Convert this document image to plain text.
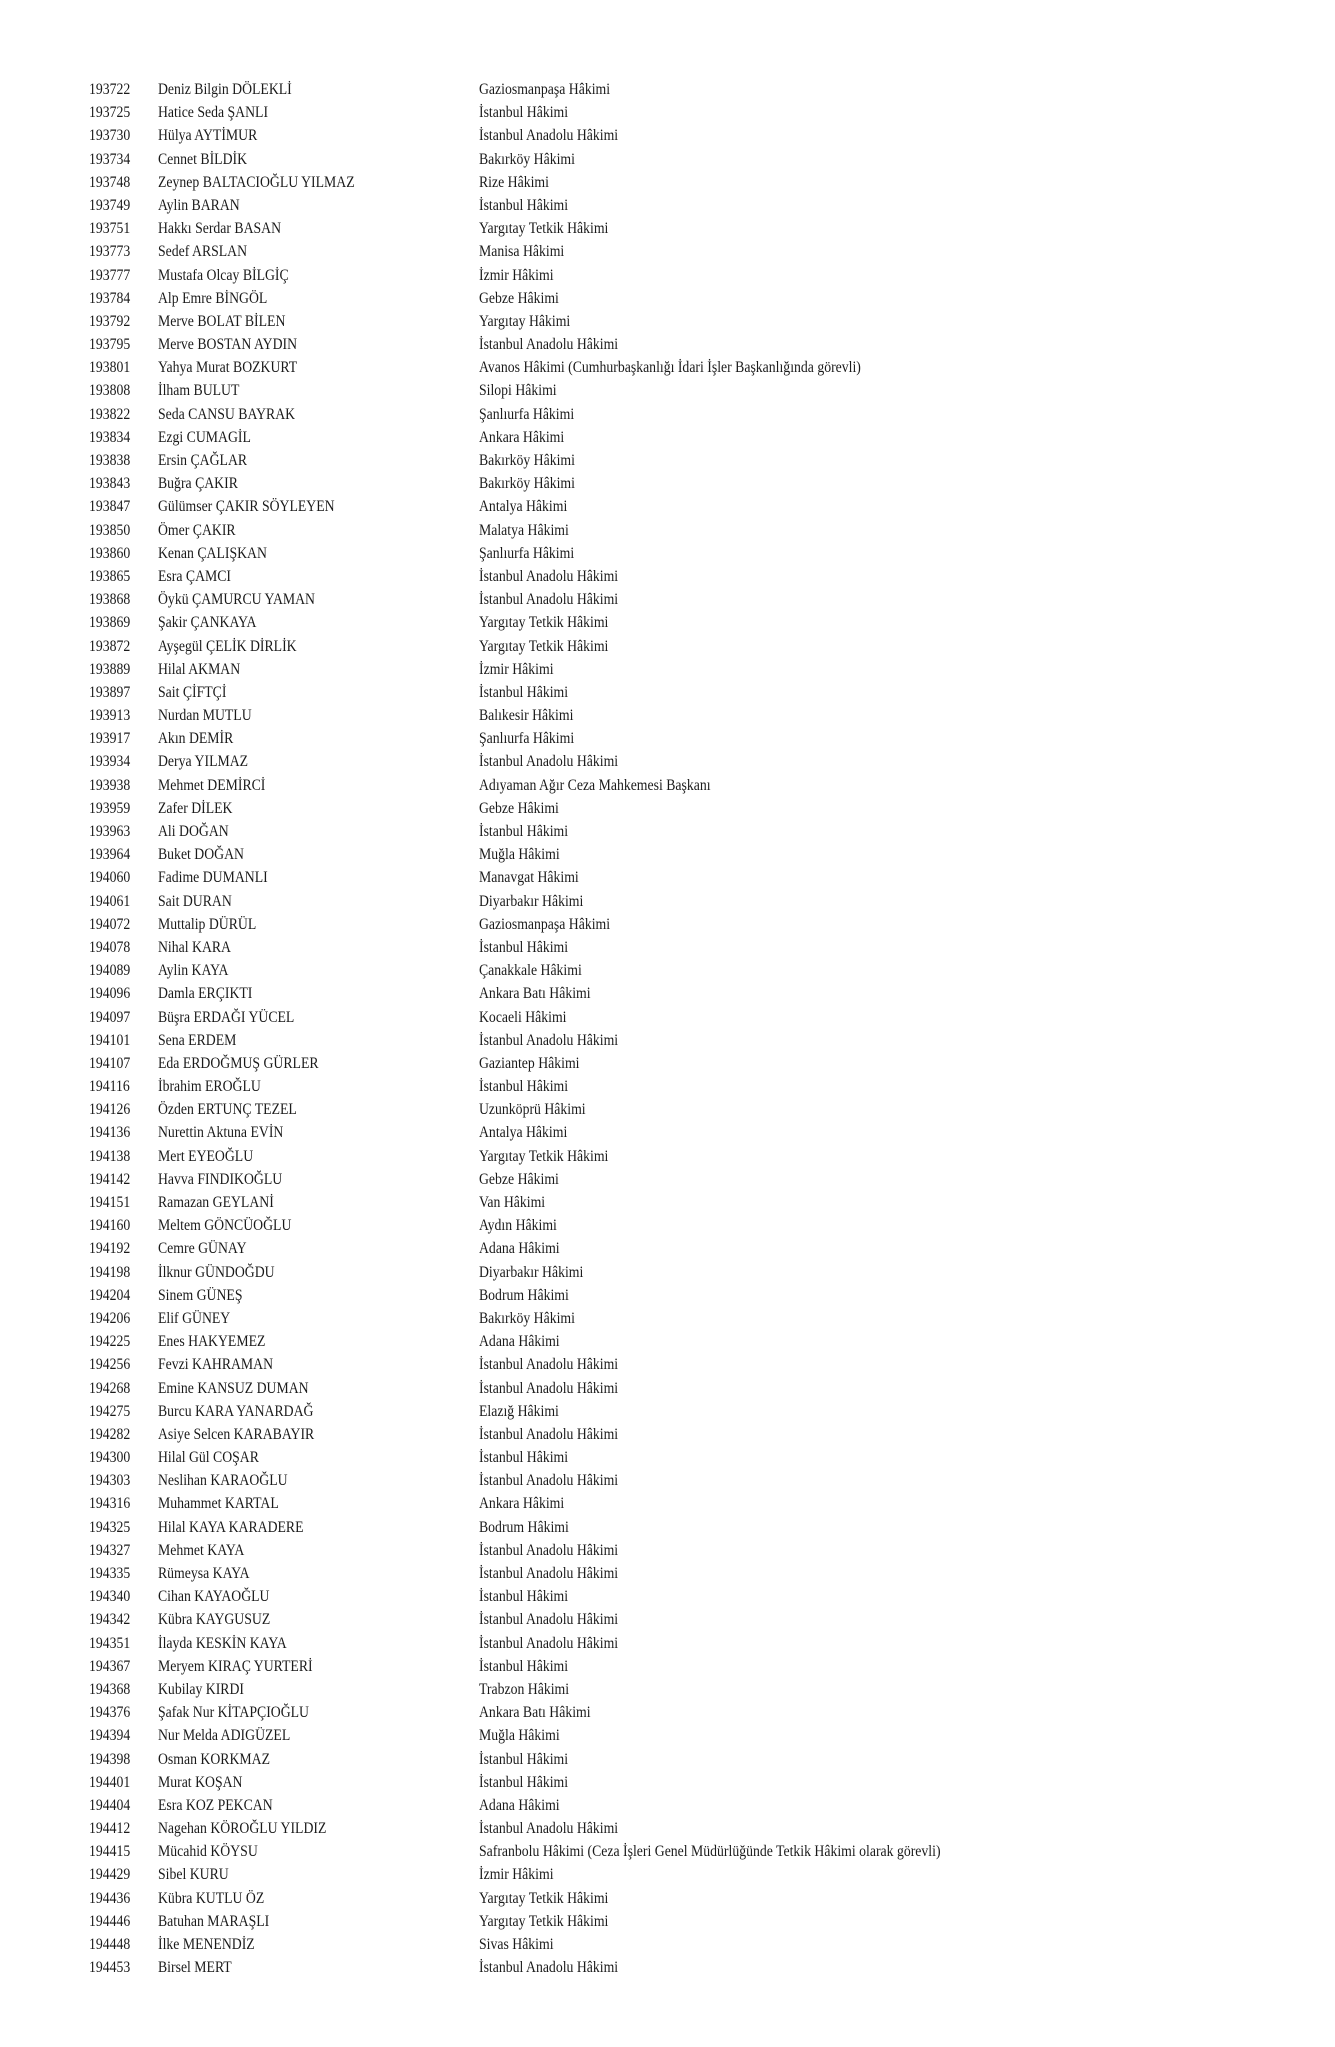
193722 Deniz Bilgin DÖLEKLİ	Gaziosmanpaşa Hâkimi
193725 Hatice Seda ŞANLI	İstanbul Hâkimi
193730 Hülya AYTİMUR	İstanbul Anadolu Hâkimi
193734 Cennet BİLDİK	Bakırköy Hâkimi
193748 Zeynep BALTACIOĞLU YILMAZ	Rize Hâkimi
193749 Aylin BARAN	İstanbul Hâkimi
193751 Hakkı Serdar BASAN	Yargıtay Tetkik Hâkimi
193773 Sedef ARSLAN	Manisa Hâkimi
193777 Mustafa Olcay BİLGİÇ	İzmir Hâkimi
193784 Alp Emre BİNGÖL	Gebze Hâkimi
193792 Merve BOLAT BİLEN	Yargıtay Hâkimi
193795 Merve BOSTAN AYDIN	İstanbul Anadolu Hâkimi
193801 Yahya Murat BOZKURT	Avanos Hâkimi (Cumhurbaşkanlığı İdari İşler Başkanlığında görevli)
193808 İlham BULUT	Silopi Hâkimi
193822 Seda CANSU BAYRAK	Şanlıurfa Hâkimi
193834 Ezgi CUMAGİL	Ankara Hâkimi
193838 Ersin ÇAĞLAR	Bakırköy Hâkimi
193843 Buğra ÇAKIR	Bakırköy Hâkimi
193847 Gülümser ÇAKIR SÖYLEYEN	Antalya Hâkimi
193850 Ömer ÇAKIR	Malatya Hâkimi
193860 Kenan ÇALIŞKAN	Şanlıurfa Hâkimi
193865 Esra ÇAMCI	İstanbul Anadolu Hâkimi
193868 Öykü ÇAMURCU YAMAN	İstanbul Anadolu Hâkimi
193869 Şakir ÇANKAYA	Yargıtay Tetkik Hâkimi
193872 Ayşegül ÇELİK DİRLİK	Yargıtay Tetkik Hâkimi
193889 Hilal AKMAN	İzmir Hâkimi
193897 Sait ÇİFTÇİ	İstanbul Hâkimi
193913 Nurdan MUTLU	Balıkesir Hâkimi
193917 Akın DEMİR	Şanlıurfa Hâkimi
193934 Derya YILMAZ	İstanbul Anadolu Hâkimi
193938 Mehmet DEMİRCİ	Adıyaman Ağır Ceza Mahkemesi Başkanı
193959 Zafer DİLEK	Gebze Hâkimi
193963 Ali DOĞAN	İstanbul Hâkimi
193964 Buket DOĞAN	Muğla Hâkimi
194060 Fadime DUMANLI	Manavgat Hâkimi
194061 Sait DURAN	Diyarbakır Hâkimi
194072 Muttalip DÜRÜL	Gaziosmanpaşa Hâkimi
194078 Nihal KARA	İstanbul Hâkimi
194089 Aylin KAYA	Çanakkale Hâkimi
194096 Damla ERÇIKTI	Ankara Batı Hâkimi
194097 Büşra ERDAĞI YÜCEL	Kocaeli Hâkimi
194101 Sena ERDEM	İstanbul Anadolu Hâkimi
194107 Eda ERDOĞMUŞ GÜRLER	Gaziantep Hâkimi
194116 İbrahim EROĞLU	İstanbul Hâkimi
194126 Özden ERTUNÇ TEZEL	Uzunköprü Hâkimi
194136 Nurettin Aktuna EVİN	Antalya Hâkimi
194138 Mert EYEOĞLU	Yargıtay Tetkik Hâkimi
194142 Havva FINDIKOĞLU	Gebze Hâkimi
194151 Ramazan GEYLANİ	Van Hâkimi
194160 Meltem GÖNCÜOĞLU	Aydın Hâkimi
194192 Cemre GÜNAY	Adana Hâkimi
194198 İlknur GÜNDOĞDU	Diyarbakır Hâkimi
194204 Sinem GÜNEŞ	Bodrum Hâkimi
194206 Elif GÜNEY	Bakırköy Hâkimi
194225 Enes HAKYEMEZ	Adana Hâkimi
194256 Fevzi KAHRAMAN	İstanbul Anadolu Hâkimi
194268 Emine KANSUZ DUMAN	İstanbul Anadolu Hâkimi
194275 Burcu KARA YANARDAĞ	Elazığ Hâkimi
194282 Asiye Selcen KARABAYIR	İstanbul Anadolu Hâkimi
194300 Hilal Gül COŞAR	İstanbul Hâkimi
194303 Neslihan KARAOĞLU	İstanbul Anadolu Hâkimi
194316 Muhammet KARTAL	Ankara Hâkimi
194325 Hilal KAYA KARADERE	Bodrum Hâkimi
194327 Mehmet KAYA	İstanbul Anadolu Hâkimi
194335 Rümeysa KAYA	İstanbul Anadolu Hâkimi
194340 Cihan KAYAOĞLU	İstanbul Hâkimi
194342 Kübra KAYGUSUZ	İstanbul Anadolu Hâkimi
194351 İlayda KESKİN KAYA	İstanbul Anadolu Hâkimi
194367 Meryem KIRAÇ YURTERİ	İstanbul Hâkimi
194368 Kubilay KIRDI	Trabzon Hâkimi
194376 Şafak Nur KİTAPÇIOĞLU	Ankara Batı Hâkimi
194394 Nur Melda ADIGÜZEL	Muğla Hâkimi
194398 Osman KORKMAZ	İstanbul Hâkimi
194401 Murat KOŞAN	İstanbul Hâkimi
194404 Esra KOZ PEKCAN	Adana Hâkimi
194412 Nagehan KÖROĞLU YILDIZ	İstanbul Anadolu Hâkimi
194415 Mücahid KÖYSU	Safranbolu Hâkimi (Ceza İşleri Genel Müdürlüğünde Tetkik Hâkimi olarak görevli)
194429 Sibel KURU	İzmir Hâkimi
194436 Kübra KUTLU ÖZ	Yargıtay Tetkik Hâkimi
194446 Batuhan MARAŞLI	Yargıtay Tetkik Hâkimi
194448 İlke MENENDİZ	Sivas Hâkimi
194453 Birsel MERT	İstanbul Anadolu Hâkimi
